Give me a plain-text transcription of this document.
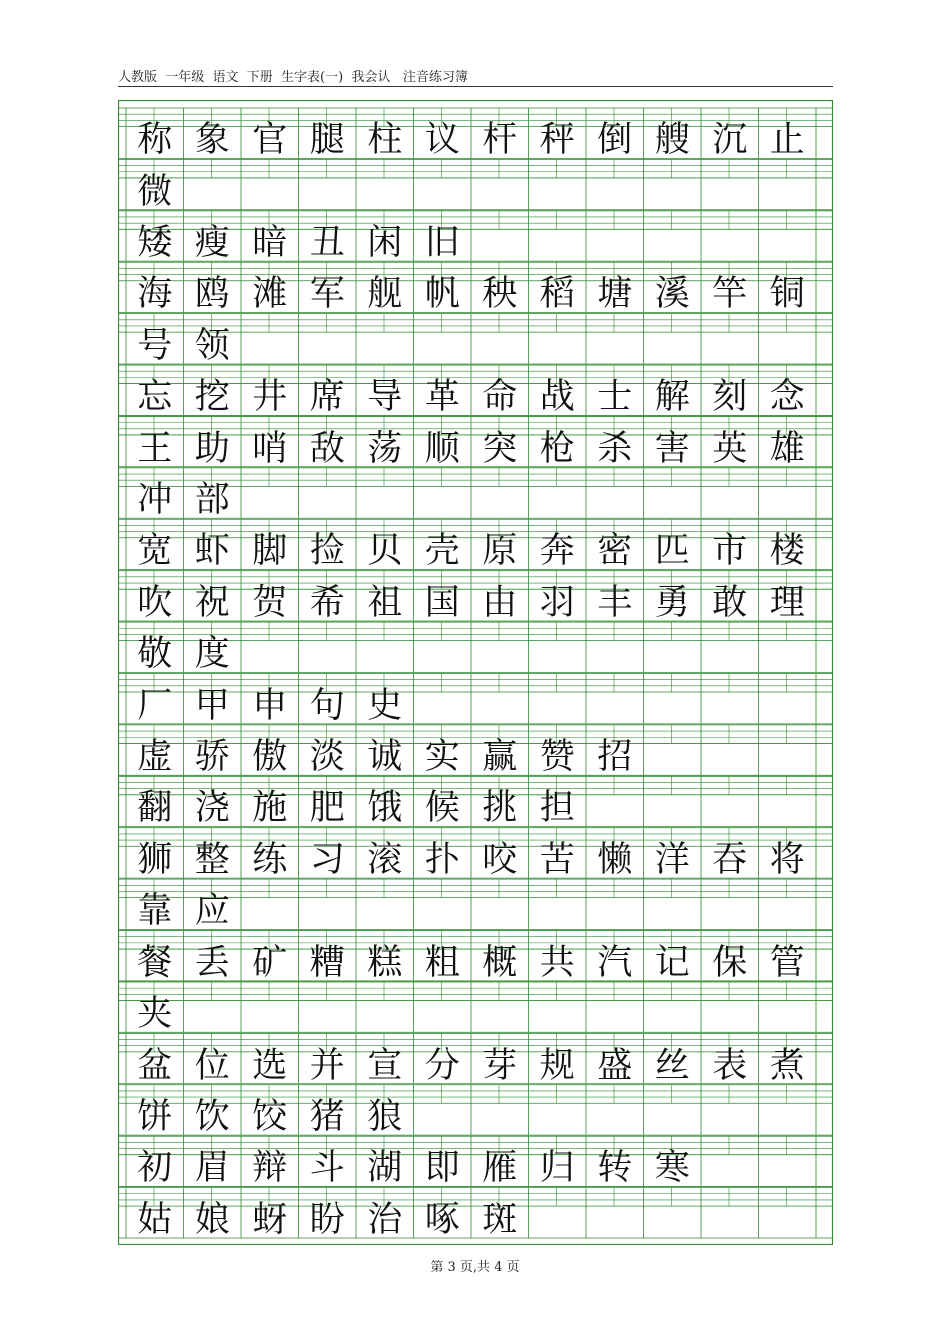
人教版  一年级  语文  下册  生字表(一)  我会认   注音练习簿
称 象 官 腿 柱 议 杆 秤 倒 艘 沉 止
微
矮 瘦 暗 丑 闲 旧
海 鸥 滩 军 舰 帆 秧 稻 塘 溪 竿 铜
号 领
忘 挖 井 席 导 革 命 战 士 解 刻 念
王 助 哨 敌 荡 顺 突 枪 杀 害 英 雄
冲 部
宽 虾 脚 捡 贝 壳 原 奔 密 匹 市 楼
吹 祝 贺 希 祖 国 由 羽 丰 勇 敢 理
敬 度
厂 甲 申 句 史
虚 骄 傲 淡 诚 实 赢 赞 招
翻 浇 施 肥 饿 候 挑 担
狮 整 练 习 滚 扑 咬 苦 懒 洋 吞 将
靠 应
餐 丢 矿 糟 糕 粗 概 共 汽 记 保 管
夹
盆 位 选 并 宣 分 芽 规 盛 丝 表 煮
饼 饮 饺 猪 狼
初 眉 辩 斗 湖 即 雁 归 转 寒
姑 娘 蚜 盼 治 啄 斑
第 3 页,共 4 页
